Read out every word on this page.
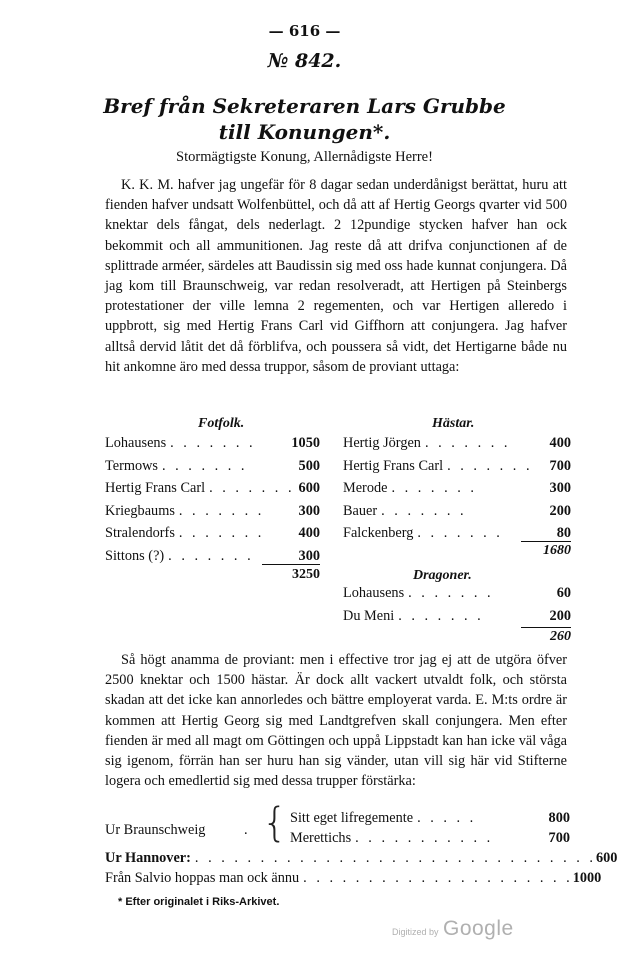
— 616 —
№ 842.
Bref från Sekreteraren Lars Grubbe
till Konungen*.
Stormägtigste Konung, Allernådigste Herre!

K. K. M. hafver jag ungefär för 8 dagar sedan underdånigst berättat, huru att fienden hafver undsatt Wolfenbüttel, och då att af Hertig Georgs qvarter vid 500 knektar dels fångat, dels nederlagt. 2 12pundige stycken hafver han ock bekommit och all ammunitionen. Jag reste då att drifva conjunctionen af de splittrade arméer, särdeles att Baudissin sig med oss hade kunnat conjungera. Då jag kom till Braunschweig, var redan resolveradt, att Hertigen på Steinbergs protestationer der ville lemna 2 regementen, och var Hertigen alleredo i uppbrott, sig med Hertig Frans Carl vid Giffhorn att conjungera. Jag hafver alltså dervid låtit det då förblifva, och poussera så vidt, det Hertigarne både nu hit ankomne äro med dessa truppor, såsom de proviant uttaga:

Fotfolk.
Lohausens . . . . . . .	1050
Termows . . . . . . .	500
Hertig Frans Carl . . . . . . . 600
Kriegbaums . . . . . . .	300
Stralendorfs . . . . . . .	400
Sittons (?) . . . . . . .	300
3250
Hästar.
Hertig Jörgen . . . . . . .	400
Hertig Frans Carl . . . . . . .	700
Merode . . . . . . .	300
Bauer . . . . . . .	200
Falckenberg . . . . . . .	80
1680
Dragoner.
Lohausens . . . . . . .	60
Du Meni . . . . . . .	200
260

Så högt anamma de proviant: men i effective tror jag ej att de utgöra öfver 2500 knektar och 1500 hästar. Är dock allt vackert utvaldt folk, och största skadan att det icke kan annorledes och bättre employerat varda. E. M:ts ordre är kommen att Hertig Georg sig med Landtgrefven skall conjungera. Men efter fienden är med all magt om Göttingen och uppå Lippstadt kan han icke väl våga sig igenom, förrän han ser huru han sig vänder, utan vill sig här vid Stifterne logera och emedlertid sig med dessa trupper förstärka:

Ur Braunschweig	. { Sitt eget lifregemente . . . . .	800
Merettichs . . . . . . . . . . .	700
Ur Hannover: . . . . . . . . . . . . . . . . . . . . . . . . . . . . . . . 600
Från Salvio hoppas man ock ännu . . . . . . . . . . . . . . . . . . . . . 1000
* Efter originalet i Riks-Arkivet.
Digitized by Google
